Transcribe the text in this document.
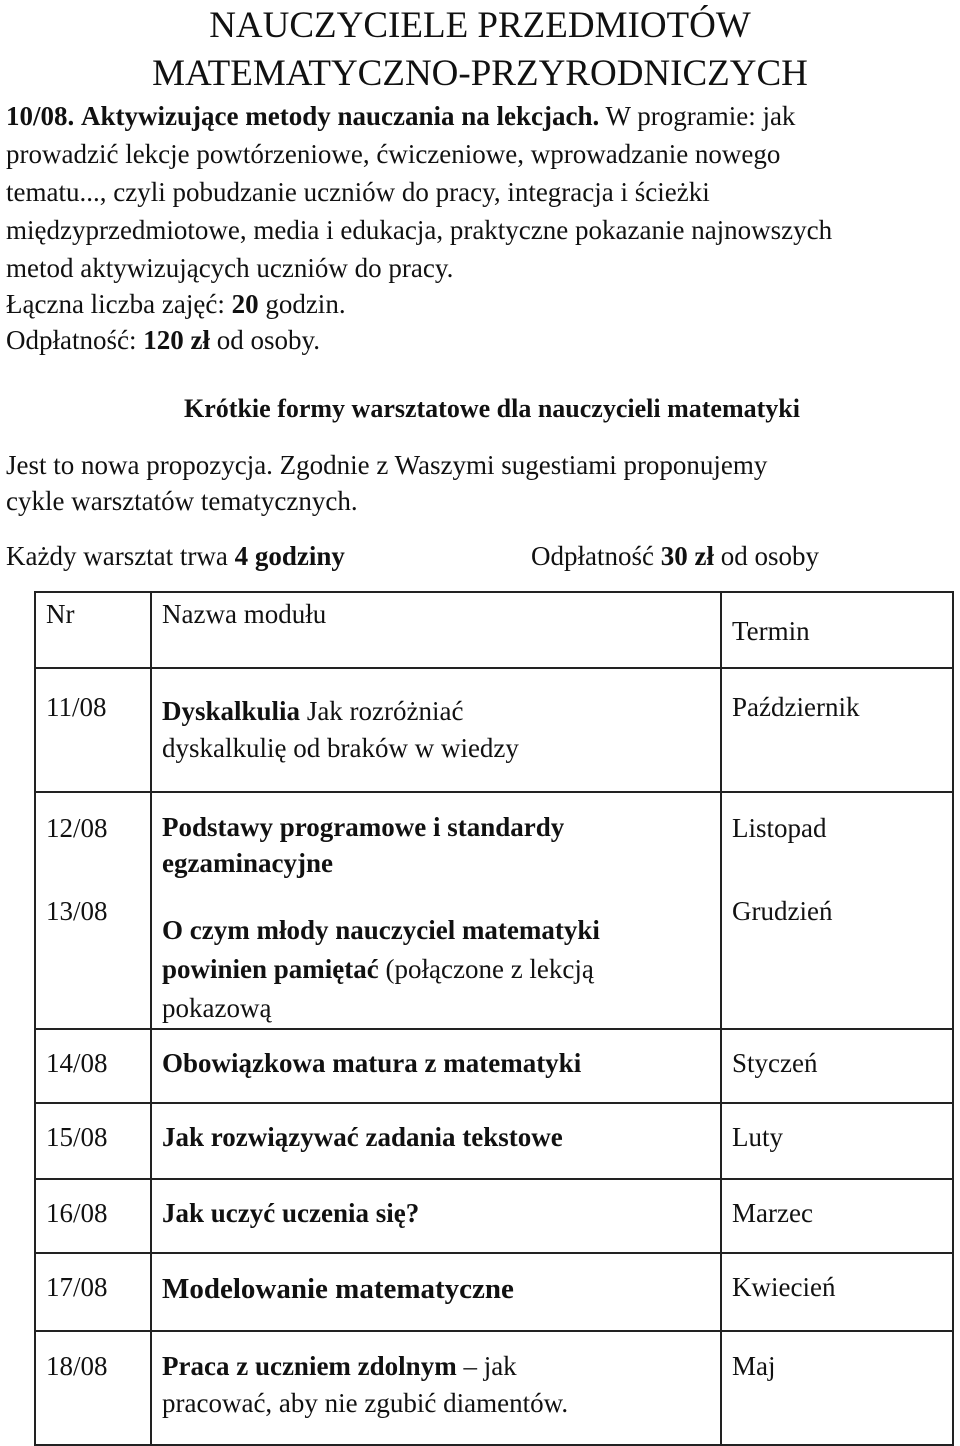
NAUCZYCIELE PRZEDMIOTÓW
MATEMATYCZNO-PRZYRODNICZYCH
10/08. Aktywizujące metody nauczania na lekcjach. W programie: jak
prowadzić lekcje powtórzeniowe, ćwiczeniowe, wprowadzanie nowego
tematu..., czyli pobudzanie uczniów do pracy, integracja i ścieżki
międzyprzedmiotowe, media i edukacja, praktyczne pokazanie najnowszych
metod aktywizujących uczniów do pracy.
Łączna liczba zajęć: 20 godzin.
Odpłatność: 120 zł od osoby.
Krótkie formy warsztatowe dla nauczycieli matematyki
Jest to nowa propozycja. Zgodnie z Waszymi sugestiami proponujemy
cykle warsztatów tematycznych.
Każdy warsztat trwa 4 godziny	Odpłatność 30 zł od osoby
Nr	Nazwa modułu	Termin

11/08	Dyskalkulia Jak rozróżniać
dyskalkulię od braków w wiedzy	Październik

12/08	Podstawy programowe i standardy
egzaminacyjne	Listopad

13/08	O czym młody nauczyciel matematyki
powinien pamiętać (połączone z lekcją
pokazową	Grudzień

14/08	Obowiązkowa matura z matematyki	Styczeń

15/08	Jak rozwiązywać zadania tekstowe	Luty

16/08	Jak uczyć uczenia się?	Marzec

17/08	Modelowanie matematyczne	Kwiecień

18/08	Praca z uczniem zdolnym – jak
pracować, aby nie zgubić diamentów.	Maj
